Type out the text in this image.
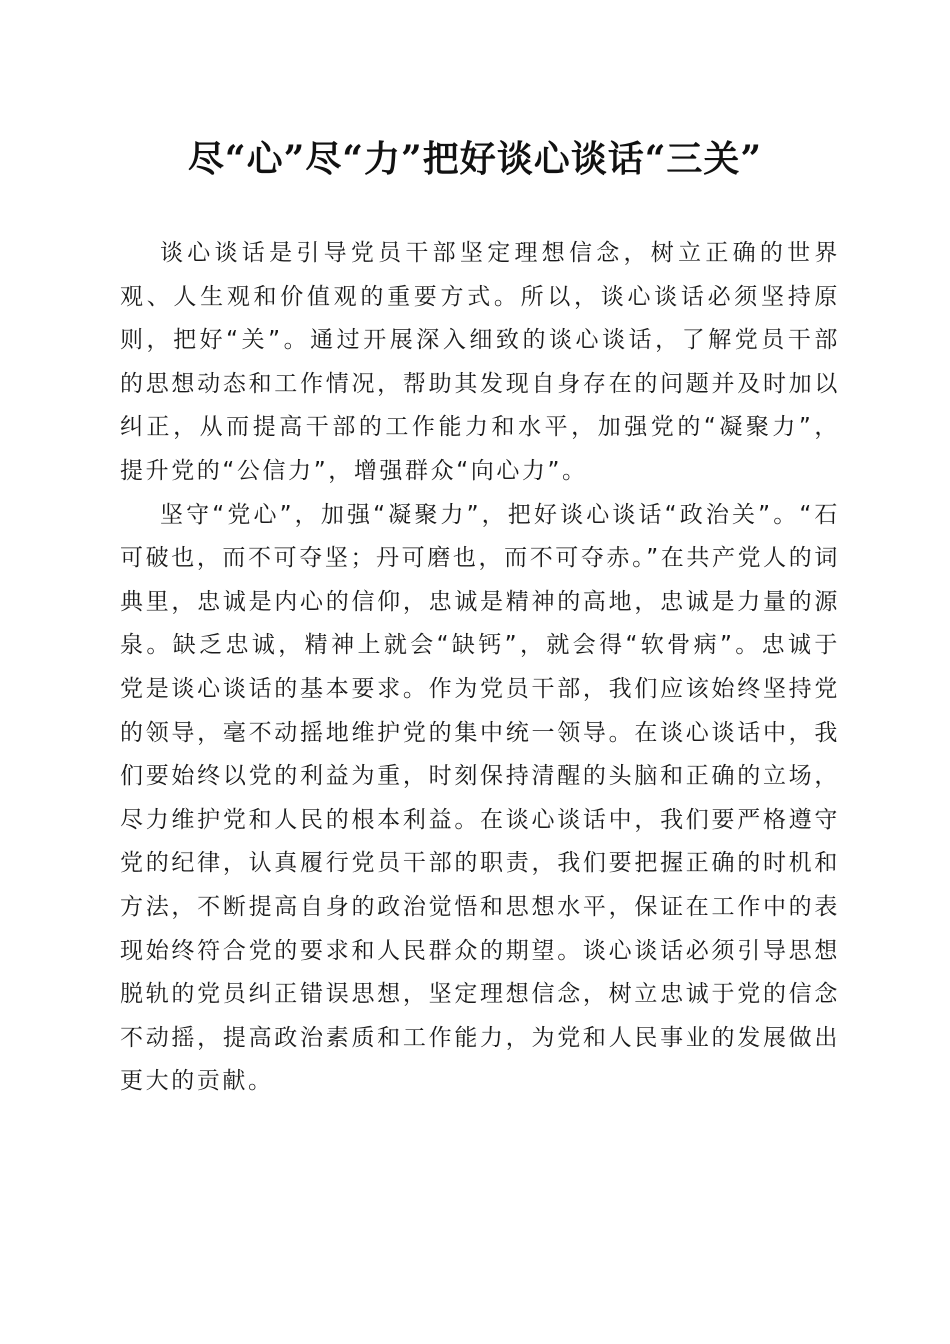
尽“心”尽“力”把好谈心谈话“三关”

谈心谈话是引导党员干部坚定理想信念，树立正确的世界观、人生观和价值观的重要方式。所以，谈心谈话必须坚持原则，把好“关”。通过开展深入细致的谈心谈话，了解党员干部的思想动态和工作情况，帮助其发现自身存在的问题并及时加以纠正，从而提高干部的工作能力和水平，加强党的“凝聚力”，提升党的“公信力”，增强群众“向心力”。

坚守“党心”，加强“凝聚力”，把好谈心谈话“政治关”。“石可破也，而不可夺坚；丹可磨也，而不可夺赤。”在共产党人的词典里，忠诚是内心的信仰，忠诚是精神的高地，忠诚是力量的源泉。缺乏忠诚，精神上就会“缺钙”，就会得“软骨病”。忠诚于党是谈心谈话的基本要求。作为党员干部，我们应该始终坚持党的领导，毫不动摇地维护党的集中统一领导。在谈心谈话中，我们要始终以党的利益为重，时刻保持清醒的头脑和正确的立场，尽力维护党和人民的根本利益。在谈心谈话中，我们要严格遵守党的纪律，认真履行党员干部的职责，我们要把握正确的时机和方法，不断提高自身的政治觉悟和思想水平，保证在工作中的表现始终符合党的要求和人民群众的期望。谈心谈话必须引导思想脱轨的党员纠正错误思想，坚定理想信念，树立忠诚于党的信念不动摇，提高政治素质和工作能力，为党和人民事业的发展做出更大的贡献。
